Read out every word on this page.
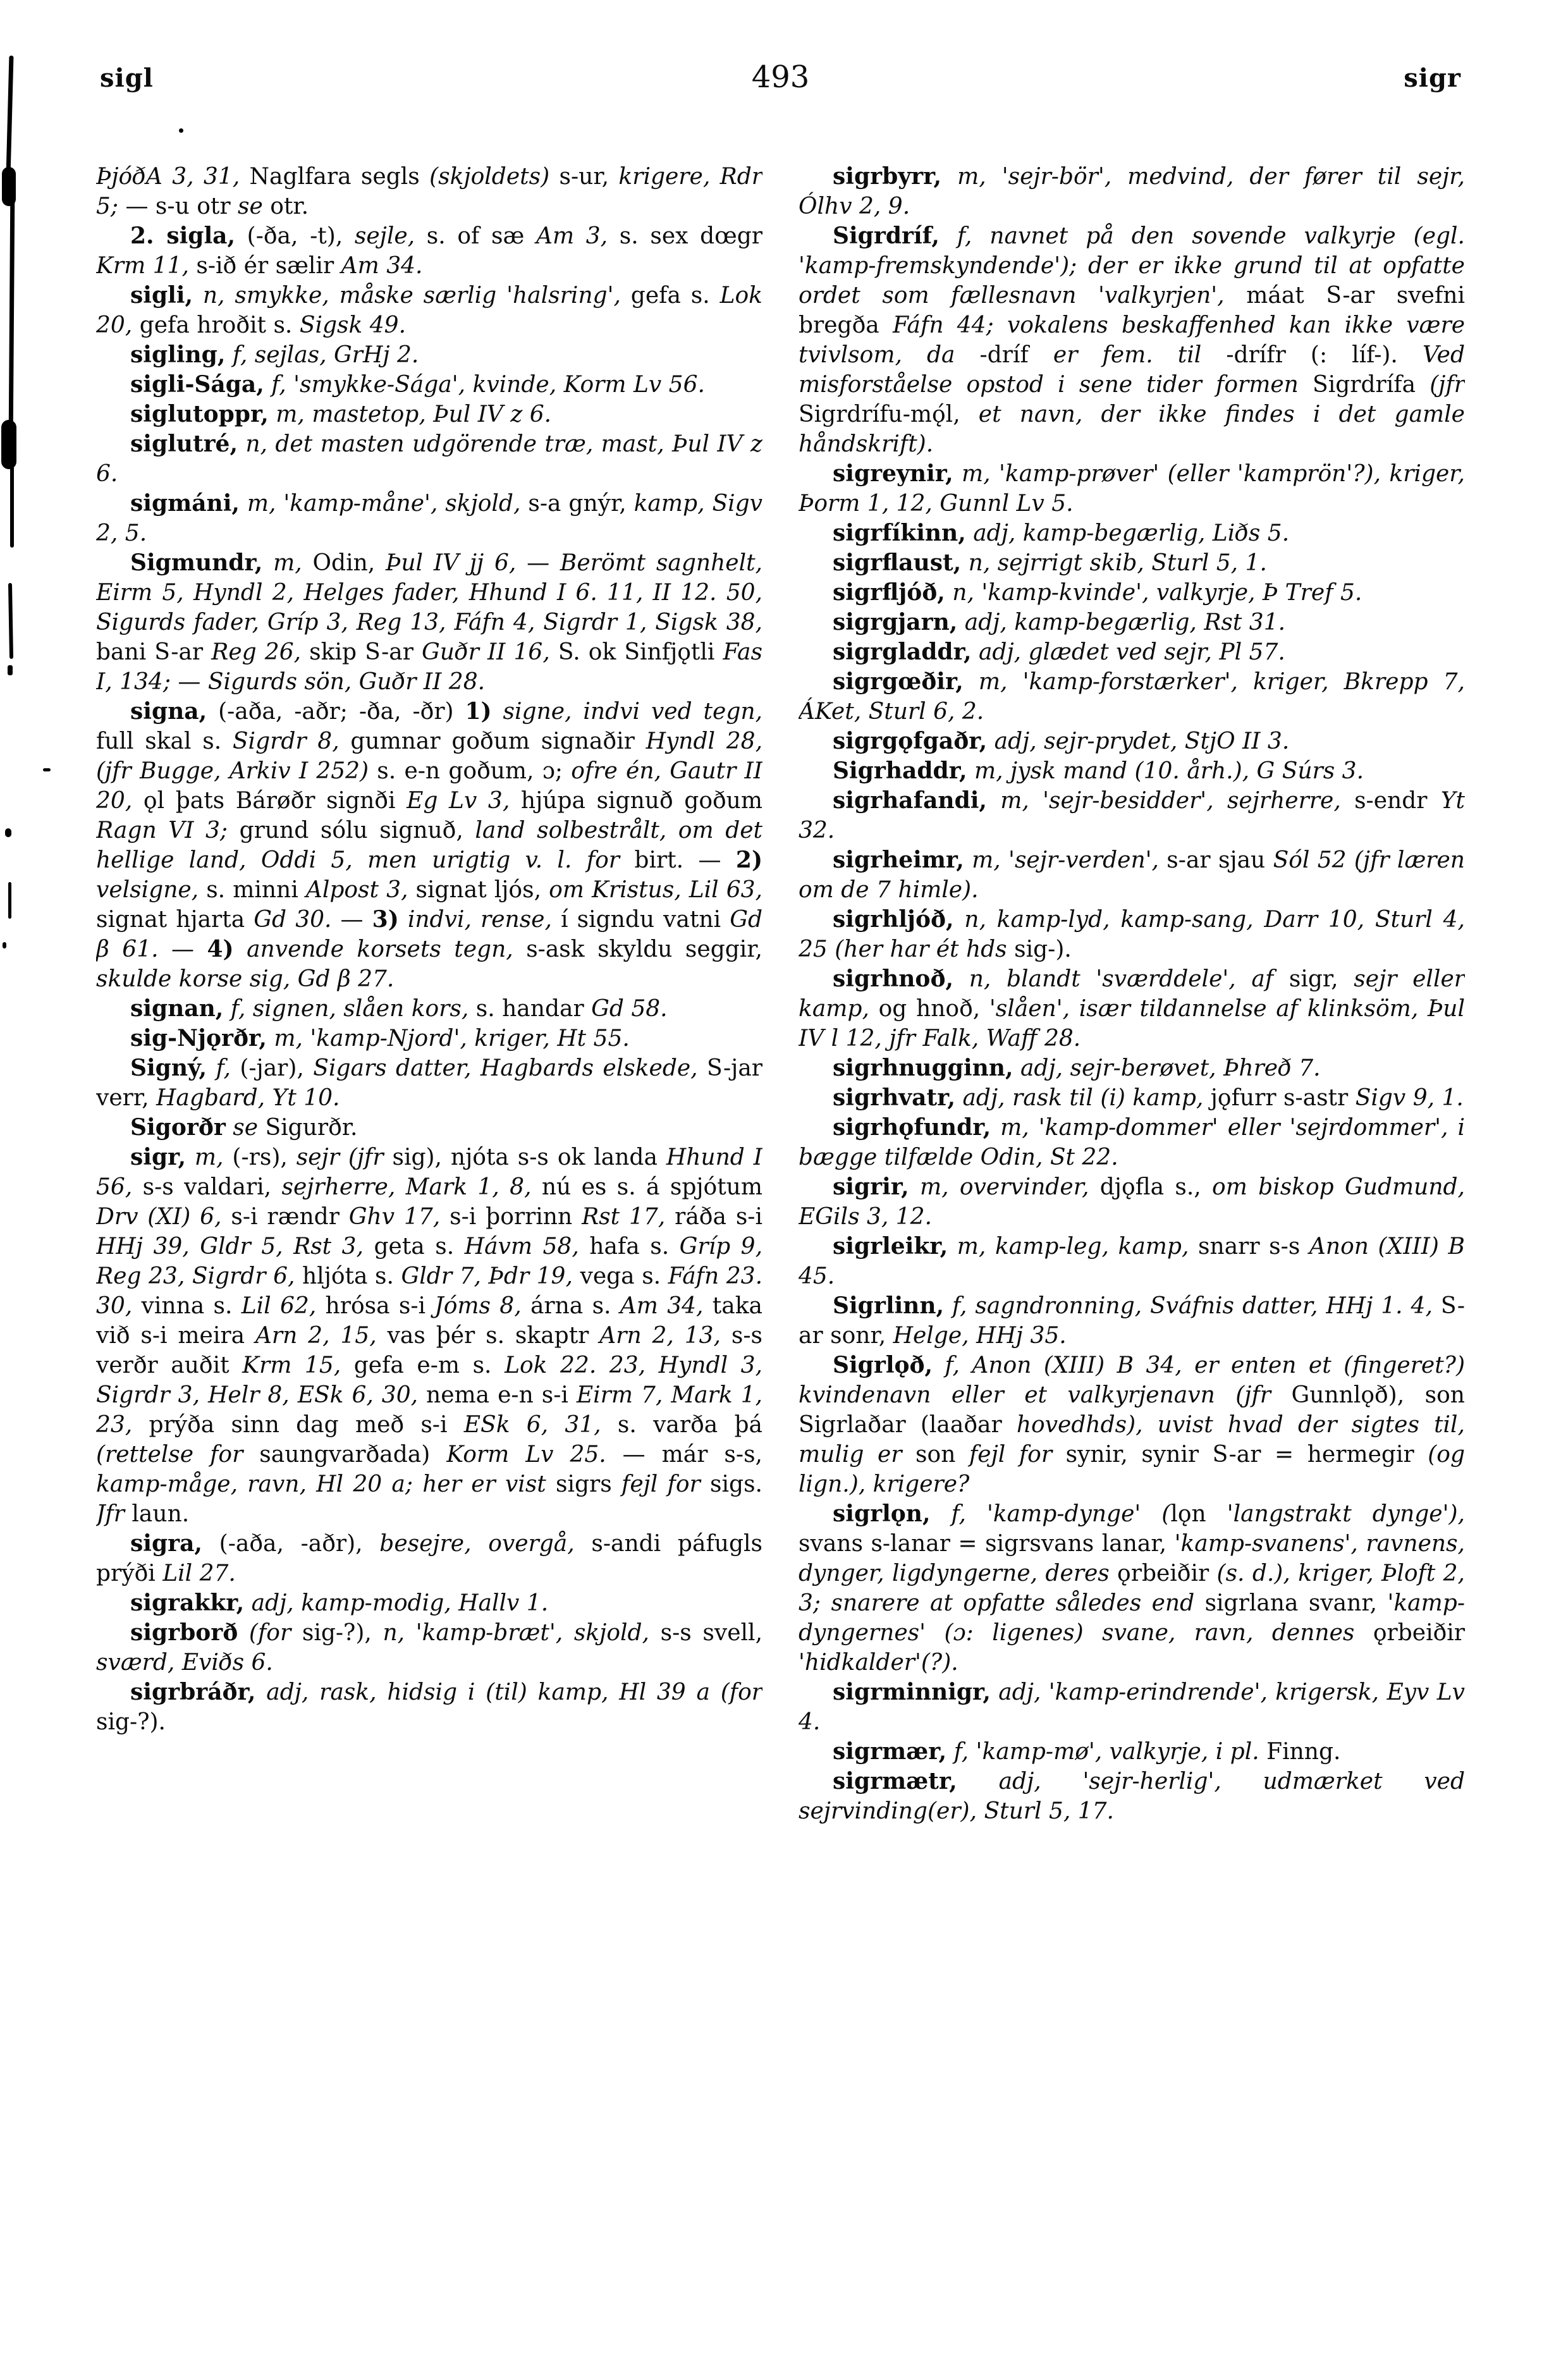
sigl	493	sigr

ÞjóðA 3, 31, Naglfara segls (skjoldets) s-ur, krigere, Rdr 5; — s-u otr se otr.

2. sigla, (-ða, -t), sejle, s. of sæ Am 3, s. sex dœgr Krm 11, s-ið ér sælir Am 34.

sigli, n, smykke, måske særlig 'halsring', gefa s. Lok 20, gefa hroðit s. Sigsk 49.

sigling, f, sejlas, GrHj 2.

sigli-Sága, f, 'smykke-Sága', kvinde, Korm Lv 56.

siglutoppr, m, mastetop, Þul IV z 6.

siglutré, n, det masten udgörende træ, mast, Þul IV z 6.

sigmáni, m, 'kamp-måne', skjold, s-a gnýr, kamp, Sigv 2, 5.

Sigmundr, m, Odin, Þul IV jj 6, — Berömt sagnhelt, Eirm 5, Hyndl 2, Helges fader, Hhund I 6. 11, II 12. 50, Sigurds fader, Gríp 3, Reg 13, Fáfn 4, Sigrdr 1, Sigsk 38, bani S-ar Reg 26, skip S-ar Guðr II 16, S. ok Sinfjǫtli Fas I, 134; — Sigurds sön, Guðr II 28.

signa, (-aða, -aðr; -ða, -ðr) 1) signe, indvi ved tegn, full skal s. Sigrdr 8, gumnar goðum signaðir Hyndl 28, (jfr Bugge, Arkiv I 252) s. e-n goðum, ɔ; ofre én, Gautr II 20, ǫl þats Bárøðr signði Eg Lv 3, hjúpa signuð goðum Ragn VI 3; grund sólu signuð, land solbestrålt, om det hellige land, Oddi 5, men urigtig v. l. for birt. — 2) velsigne, s. minni Alpost 3, signat ljós, om Kristus, Lil 63, signat hjarta Gd 30. — 3) indvi, rense, í signdu vatni Gd β 61. — 4) anvende korsets tegn, s-ask skyldu seggir, skulde korse sig, Gd β 27.

signan, f, signen, slåen kors, s. handar Gd 58.

sig-Njǫrðr, m, 'kamp-Njord', kriger, Ht 55.

Signý, f, (-jar), Sigars datter, Hagbards elskede, S-jar verr, Hagbard, Yt 10.

Sigorðr se Sigurðr.

sigr, m, (-rs), sejr (jfr sig), njóta s-s ok landa Hhund I 56, s-s valdari, sejrherre, Mark 1, 8, nú es s. á spjótum Drv (XI) 6, s-i rændr Ghv 17, s-i þorrinn Rst 17, ráða s-i HHj 39, Gldr 5, Rst 3, geta s. Hávm 58, hafa s. Gríp 9, Reg 23, Sigrdr 6, hljóta s. Gldr 7, Þdr 19, vega s. Fáfn 23. 30, vinna s. Lil 62, hrósa s-i Jóms 8, árna s. Am 34, taka við s-i meira Arn 2, 15, vas þér s. skaptr Arn 2, 13, s-s verðr auðit Krm 15, gefa e-m s. Lok 22. 23, Hyndl 3, Sigrdr 3, Helr 8, ESk 6, 30, nema e-n s-i Eirm 7, Mark 1, 23, prýða sinn dag með s-i ESk 6, 31, s. varða þá (rettelse for saungvarðada) Korm Lv 25. — már s-s, kamp-måge, ravn, Hl 20 a; her er vist sigrs fejl for sigs. Jfr laun.

sigra, (-aða, -aðr), besejre, overgå, s-andi páfugls prýði Lil 27.

sigrakkr, adj, kamp-modig, Hallv 1.

sigrborð (for sig-?), n, 'kamp-bræt', skjold, s-s svell, sværd, Eviðs 6.

sigrbráðr, adj, rask, hidsig i (til) kamp, Hl 39 a (for sig-?).

sigrbyrr, m, 'sejr-bör', medvind, der fører til sejr, Ólhv 2, 9.

Sigrdríf, f, navnet på den sovende valkyrje (egl. 'kamp-fremskyndende'); der er ikke grund til at opfatte ordet som fællesnavn 'valkyrjen', máat S-ar svefni bregða Fáfn 44; vokalens beskaffenhed kan ikke være tvivlsom, da -dríf er fem. til -drífr (: líf-). Ved misforståelse opstod i sene tider formen Sigrdrífa (jfr Sigrdrífu-mǫ́l, et navn, der ikke findes i det gamle håndskrift).

sigreynir, m, 'kamp-prøver' (eller 'kamprön'?), kriger, Þorm 1, 12, Gunnl Lv 5.

sigrfíkinn, adj, kamp-begærlig, Liðs 5.

sigrflaust, n, sejrrigt skib, Sturl 5, 1.

sigrfljóð, n, 'kamp-kvinde', valkyrje, Þ Tref 5.

sigrgjarn, adj, kamp-begærlig, Rst 31.

sigrgladdr, adj, glædet ved sejr, Pl 57.

sigrgœðir, m, 'kamp-forstærker', kriger, Bkrepp 7, ÁKet, Sturl 6, 2.

sigrgǫfgaðr, adj, sejr-prydet, StjO II 3.

Sigrhaddr, m, jysk mand (10. årh.), G Súrs 3.

sigrhafandi, m, 'sejr-besidder', sejrherre, s-endr Yt 32.

sigrheimr, m, 'sejr-verden', s-ar sjau Sól 52 (jfr læren om de 7 himle).

sigrhljóð, n, kamp-lyd, kamp-sang, Darr 10, Sturl 4, 25 (her har ét hds sig-).

sigrhnoð, n, blandt 'sværddele', af sigr, sejr eller kamp, og hnoð, 'slåen', især tildannelse af klinksöm, Þul IV l 12, jfr Falk, Waff 28.

sigrhnugginn, adj, sejr-berøvet, Þhreð 7.

sigrhvatr, adj, rask til (i) kamp, jǫfurr s-astr Sigv 9, 1.

sigrhǫfundr, m, 'kamp-dommer' eller 'sejrdommer', i bægge tilfælde Odin, St 22.

sigrir, m, overvinder, djǫfla s., om biskop Gudmund, EGils 3, 12.

sigrleikr, m, kamp-leg, kamp, snarr s-s Anon (XIII) B 45.

Sigrlinn, f, sagndronning, Sváfnis datter, HHj 1. 4, S-ar sonr, Helge, HHj 35.

Sigrlǫð, f, Anon (XIII) B 34, er enten et (fingeret?) kvindenavn eller et valkyrjenavn (jfr Gunnlǫð), son Sigrlaðar (laaðar hovedhds), uvist hvad der sigtes til, mulig er son fejl for synir, synir S-ar = hermegir (og lign.), krigere?

sigrlǫn, f, 'kamp-dynge' (lǫn 'langstrakt dynge'), svans s-lanar = sigrsvans lanar, 'kamp-svanens', ravnens, dynger, ligdyngerne, deres ǫrbeiðir (s. d.), kriger, Þloft 2, 3; snarere at opfatte således end sigrlana svanr, 'kamp-dyngernes' (ɔ: ligenes) svane, ravn, dennes ǫrbeiðir 'hidkalder'(?).

sigrminnigr, adj, 'kamp-erindrende', krigersk, Eyv Lv 4.

sigrmær, f, 'kamp-mø', valkyrje, i pl. Finng.

sigrmætr, adj, 'sejr-herlig', udmærket ved sejrvinding(er), Sturl 5, 17.
